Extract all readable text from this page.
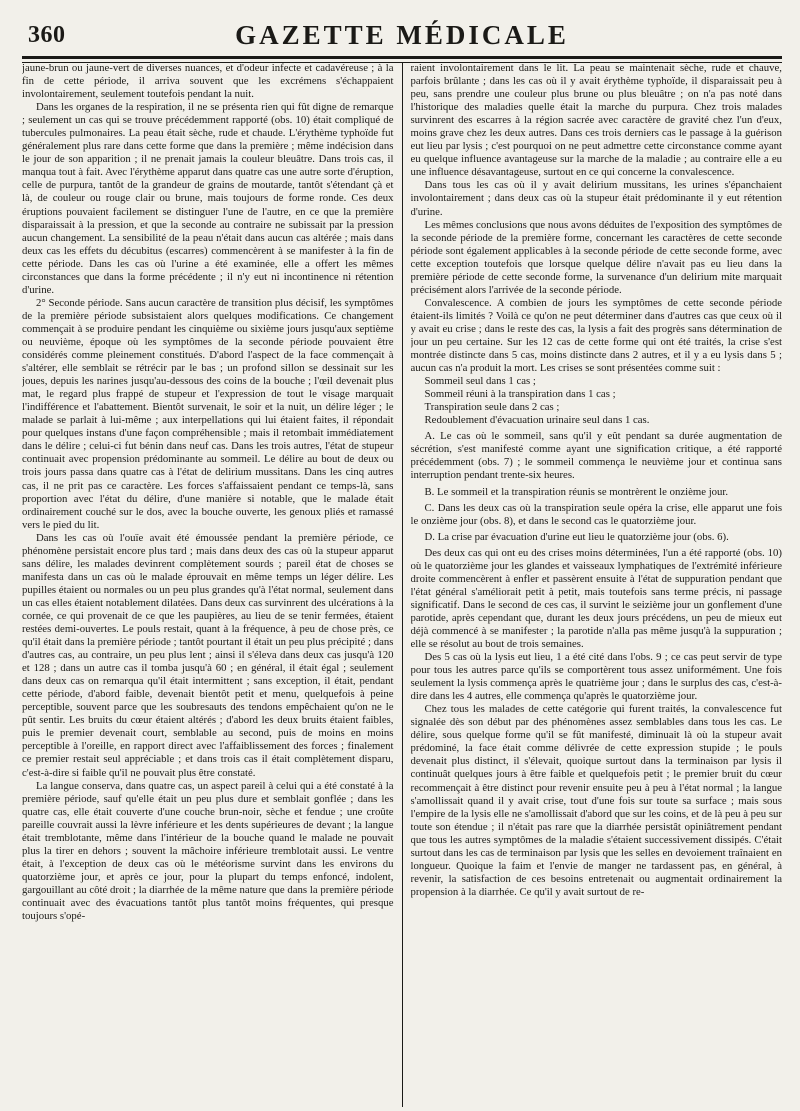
360	GAZETTE MÉDICALE

jaune-brun ou jaune-vert de diverses nuances, et d'odeur infecte et cadavéreuse ; à la fin de cette période, il arriva souvent que les excrémens s'échappaient involontairement, seulement toutefois pendant la nuit.

Dans les organes de la respiration, il ne se présenta rien qui fût digne de remarque ; seulement un cas qui se trouve précédemment rapporté (obs. 10) était compliqué de tubercules pulmonaires. La peau était sèche, rude et chaude. L'érythème typhoïde fut généralement plus rare dans cette forme que dans la première ; même indécision dans le jour de son apparition ; il ne prenait jamais la couleur bleuâtre. Dans trois cas, il manqua tout à fait. Avec l'érythème apparut dans quatre cas une autre sorte d'éruption, celle de purpura, tantôt de la grandeur de grains de moutarde, tantôt s'étendant çà et là, de couleur ou rouge clair ou brune, mais toujours de forme ronde. Ces deux éruptions pouvaient facilement se distinguer l'une de l'autre, en ce que la première disparaissait à la pression, et que la seconde au contraire ne subissait par la pression aucun changement. La sensibilité de la peau n'était dans aucun cas altérée ; mais dans deux cas les effets du décubitus (escarres) commencèrent à se manifester à la fin de cette période. Dans les cas où l'urine a été examinée, elle a offert les mêmes circonstances que dans la forme précédente ; il n'y eut ni incontinence ni rétention d'urine.

2° Seconde période. Sans aucun caractère de transition plus décisif, les symptômes de la première période subsistaient alors quelques modifications. Ce changement commençait à se produire pendant les cinquième ou sixième jours jusqu'aux septième ou neuvième, époque où les symptômes de la seconde période pouvaient être considérés comme pleinement constitués. D'abord l'aspect de la face commençait à s'altérer, elle semblait se rétrécir par le bas ; un profond sillon se dessinait sur les joues, depuis les narines jusqu'au-dessous des coins de la bouche ; l'œil devenait plus mat, le regard plus frappé de stupeur et l'expression de tout le visage marquait l'indifférence et l'abattement. Bientôt survenait, le soir et la nuit, un délire léger ; le malade se parlait à lui-même ; aux interpellations qui lui étaient faites, il répondait pour quelques instans d'une façon compréhensible ; mais il retombait immédiatement dans le délire ; celui-ci fut bénin dans neuf cas. Dans les trois autres, l'état de stupeur continuait avec propension prédominante au sommeil. Le délire au bout de deux ou trois jours passa dans quatre cas à l'état de delirium mussitans. Dans les cinq autres cas, il ne prit pas ce caractère. Les forces s'affaissaient pendant ce temps-là, sans proportion avec l'état du délire, d'une manière si notable, que le malade était ordinairement couché sur le dos, avec la bouche ouverte, les genoux pliés et ramassé vers le pied du lit.

Dans les cas où l'ouïe avait été émoussée pendant la première période, ce phénomène persistait encore plus tard ; mais dans deux des cas où la stupeur apparut sans délire, les malades devinrent complètement sourds ; pareil état de choses se manifesta dans un cas où le malade éprouvait en même temps un léger délire. Les pupilles étaient ou normales ou un peu plus grandes qu'à l'état normal, seulement dans un cas elles étaient notablement dilatées. Dans deux cas survinrent des ulcérations à la cornée, ce qui provenait de ce que les paupières, au lieu de se tenir fermées, étaient restées demi-ouvertes. Le pouls restait, quant à la fréquence, à peu de chose près, ce qu'il était dans la première période ; tantôt pourtant il était un peu plus précipité ; dans d'autres cas, au contraire, un peu plus lent ; ainsi il s'éleva dans deux cas jusqu'à 120 et 128 ; dans un autre cas il tomba jusqu'à 60 ; en général, il était égal ; seulement dans deux cas on remarqua qu'il était intermittent ; sans exception, il était, pendant cette période, d'abord faible, devenait bientôt petit et menu, quelquefois à peine perceptible, souvent parce que les soubresauts des tendons empêchaient qu'on ne le pût sentir. Les bruits du cœur étaient altérés ; d'abord les deux bruits étaient faibles, puis le premier devenait court, semblable au second, puis de moins en moins perceptible à l'oreille, en rapport direct avec l'affaiblissement des forces ; finalement ce premier restait seul appréciable ; et dans trois cas il était complètement disparu, c'est-à-dire si faible qu'il ne pouvait plus être constaté.

La langue conserva, dans quatre cas, un aspect pareil à celui qui a été constaté à la première période, sauf qu'elle était un peu plus dure et semblait gonflée ; dans les quatre cas, elle était couverte d'une couche brun-noir, sèche et fendue ; une croûte pareille couvrait aussi la lèvre inférieure et les dents supérieures de devant ; la langue était tremblotante, même dans l'intérieur de la bouche quand le malade ne pouvait plus la tirer en dehors ; souvent la mâchoire inférieure tremblotait aussi. Le ventre était, à l'exception de deux cas où le météorisme survint dans les environs du quatorzième jour, et après ce jour, pour la plupart du temps enfoncé, indolent, gargouillant au côté droit ; la diarrhée de la même nature que dans la première période continuait avec des évacuations tantôt plus tantôt moins fréquentes, qui presque toujours s'opé-

raient involontairement dans le lit. La peau se maintenait sèche, rude et chauve, parfois brûlante ; dans les cas où il y avait érythème typhoïde, il disparaissait peu à peu, sans prendre une couleur plus brune ou plus bleuâtre ; on n'a pas noté dans l'historique des maladies quelle était la marche du purpura. Chez trois malades survinrent des escarres à la région sacrée avec caractère de gravité chez l'un d'eux, moins grave chez les deux autres. Dans ces trois derniers cas le passage à la guérison eut lieu par lysis ; c'est pourquoi on ne peut admettre cette circonstance comme ayant eu quelque influence avantageuse sur la marche de la maladie ; au contraire elle a eu une influence désavantageuse, surtout en ce qui concerne la convalescence.

Dans tous les cas où il y avait delirium mussitans, les urines s'épanchaient involontairement ; dans deux cas où la stupeur était prédominante il y eut rétention d'urine.

Les mêmes conclusions que nous avons déduites de l'exposition des symptômes de la seconde période de la première forme, concernant les caractères de cette seconde période sont également applicables à la seconde période de cette seconde forme, avec cette exception toutefois que lorsque quelque délire n'avait pas eu lieu dans la première période de cette seconde forme, la survenance d'un delirium mite marquait précisément alors l'arrivée de la seconde période.

Convalescence. A combien de jours les symptômes de cette seconde période étaient-ils limités ? Voilà ce qu'on ne peut déterminer dans d'autres cas que ceux où il y avait eu crise ; dans le reste des cas, la lysis a fait des progrès sans détermination de jour un peu certaine. Sur les 12 cas de cette forme qui ont été traités, la crise s'est montrée distincte dans 5 cas, moins distincte dans 2 autres, et il y a eu lysis dans 5 ; aucun cas n'a produit la mort. Les crises se sont présentées comme suit :

Sommeil seul dans 1 cas ;

Sommeil réuni à la transpiration dans 1 cas ;

Transpiration seule dans 2 cas ;

Redoublement d'évacuation urinaire seul dans 1 cas.

A. Le cas où le sommeil, sans qu'il y eût pendant sa durée augmentation de sécrétion, s'est manifesté comme ayant une signification critique, a été rapporté précédemment (obs. 7) ; le sommeil commença le neuvième jour et continua sans interruption pendant trente-six heures.

B. Le sommeil et la transpiration réunis se montrèrent le onzième jour.

C. Dans les deux cas où la transpiration seule opéra la crise, elle apparut une fois le onzième jour (obs. 8), et dans le second cas le quatorzième jour.

D. La crise par évacuation d'urine eut lieu le quatorzième jour (obs. 6).

Des deux cas qui ont eu des crises moins déterminées, l'un a été rapporté (obs. 10) où le quatorzième jour les glandes et vaisseaux lymphatiques de l'extrémité inférieure droite commencèrent à enfler et passèrent ensuite à l'état de suppuration pendant que l'état général s'améliorait petit à petit, mais toutefois sans terme précis, ni passage significatif. Dans le second de ces cas, il survint le seizième jour un gonflement d'une parotide, après cependant que, durant les deux jours précédens, un peu de mieux eut déjà commencé à se manifester ; la parotide n'alla pas même jusqu'à la suppuration ; elle se résolut au bout de trois semaines.

Des 5 cas où la lysis eut lieu, 1 a été cité dans l'obs. 9 ; ce cas peut servir de type pour tous les autres parce qu'ils se comportèrent tous assez uniformément. Une fois seulement la lysis commença après le quatrième jour ; dans le surplus des cas, c'est-à-dire dans les 4 autres, elle commença qu'après le quatorzième jour.

Chez tous les malades de cette catégorie qui furent traités, la convalescence fut signalée dès son début par des phénomènes assez semblables dans tous les cas. Le délire, sous quelque forme qu'il se fût manifesté, diminuait là où la stupeur avait prédominé, la face était comme délivrée de cette expression stupide ; le pouls devenait plus distinct, il s'élevait, quoique surtout dans la terminaison par lysis il continuât quelques jours à être faible et quelquefois petit ; le premier bruit du cœur recommençait à être distinct pour revenir ensuite peu à peu à l'état normal ; la langue s'amollissait quand il y avait crise, tout d'une fois sur toute sa surface ; mais sous l'empire de la lysis elle ne s'amollissait d'abord que sur les coins, et de là peu à peu sur toute son étendue ; il n'était pas rare que la diarrhée persistât opiniâtrement pendant que tous les autres symptômes de la maladie s'étaient successivement dissipés. C'était surtout dans les cas de terminaison par lysis que les selles en devoiement traînaient en longueur. Quoique la faim et l'envie de manger ne tardassent pas, en général, à revenir, la satisfaction de ces besoins entretenait ou augmentait ordinairement la propension à la diarrhée. Ce qu'il y avait surtout de re-
